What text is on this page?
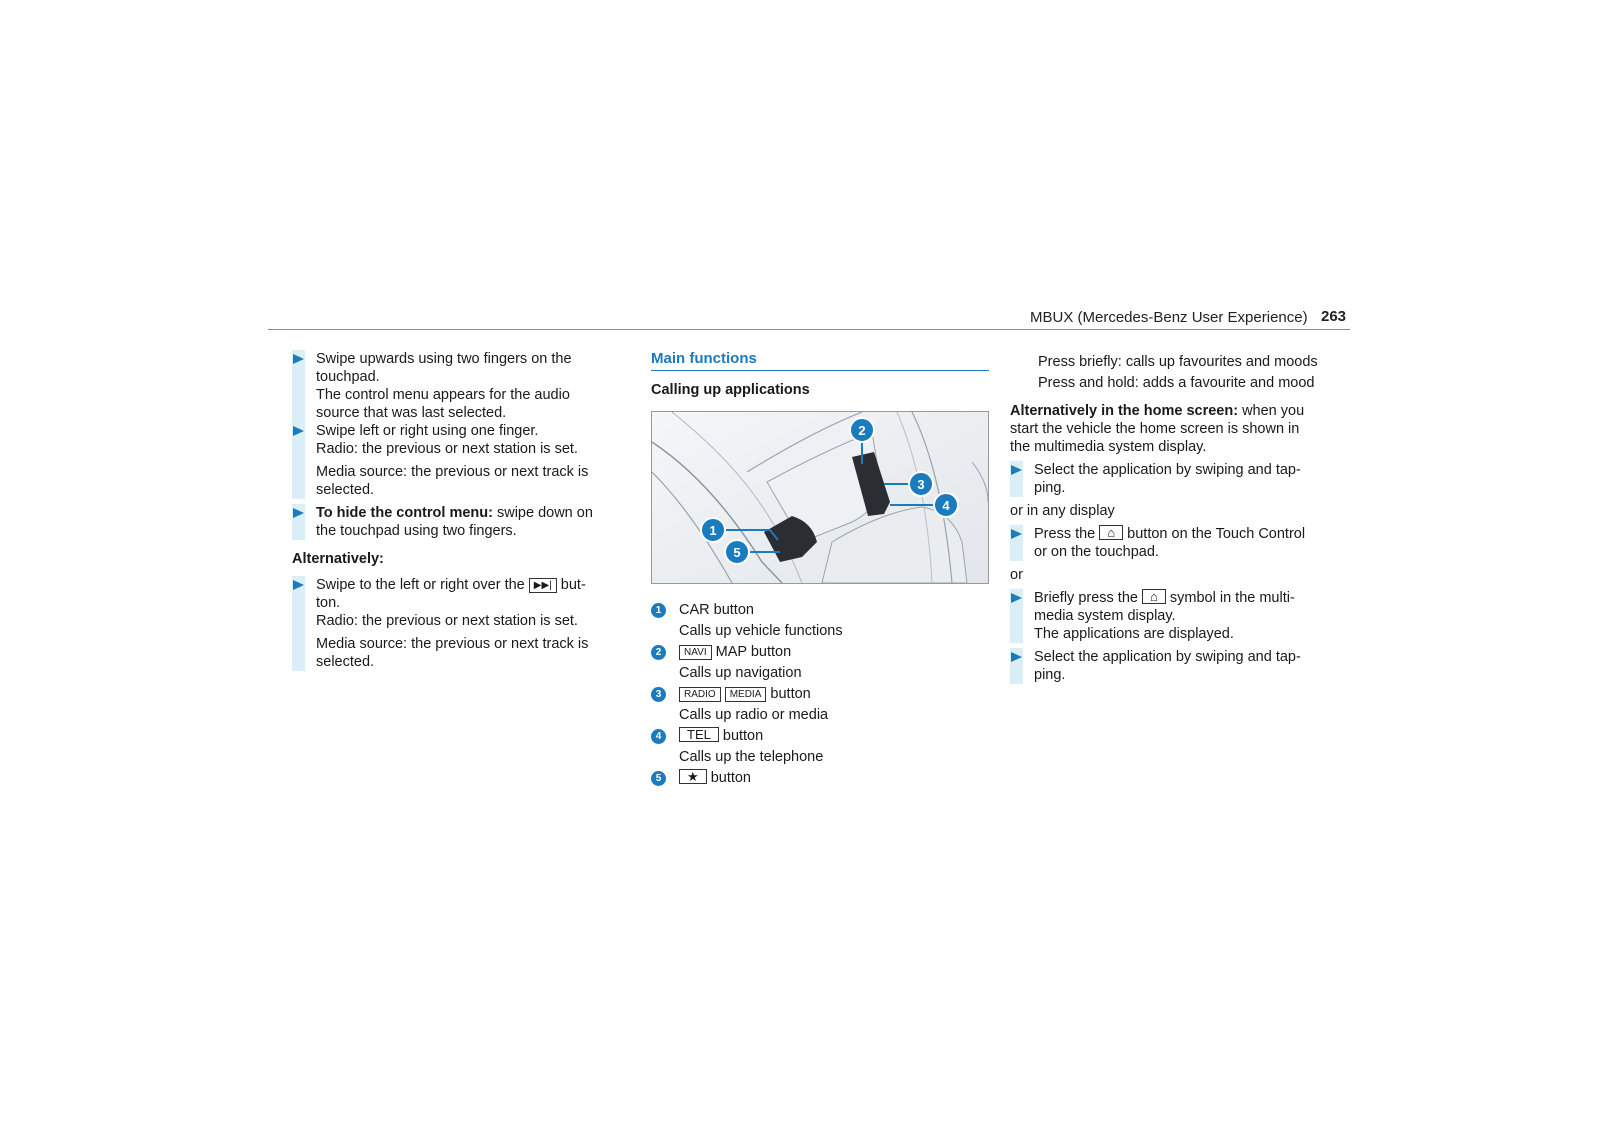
MBUX (Mercedes-Benz User Experience) 263
Swipe upwards using two fingers on the
touchpad.
The control menu appears for the audio
source that was last selected.
Swipe left or right using one finger.
Radio: the previous or next station is set.
Media source: the previous or next track is
selected.
To hide the control menu: swipe down on
the touchpad using two fingers.
Alternatively:
Swipe to the left or right over the ▶▶| but-
ton.
Radio: the previous or next station is set.
Media source: the previous or next track is
selected.
Main functions
Calling up applications
1
5
2
3
4
1	CAR button
Calls up vehicle functions
2	NAVI MAP button
Calls up navigation
3	RADIO MEDIA button
Calls up radio or media
4	TEL button
Calls up the telephone
5	★ button
Press briefly: calls up favourites and moods
Press and hold: adds a favourite and mood
Alternatively in the home screen: when you
start the vehicle the home screen is shown in
the multimedia system display.
Select the application by swiping and tap-
ping.
or in any display
Press the ⌂ button on the Touch Control
or on the touchpad.
or
Briefly press the ⌂ symbol in the multi-
media system display.
The applications are displayed.
Select the application by swiping and tap-
ping.
